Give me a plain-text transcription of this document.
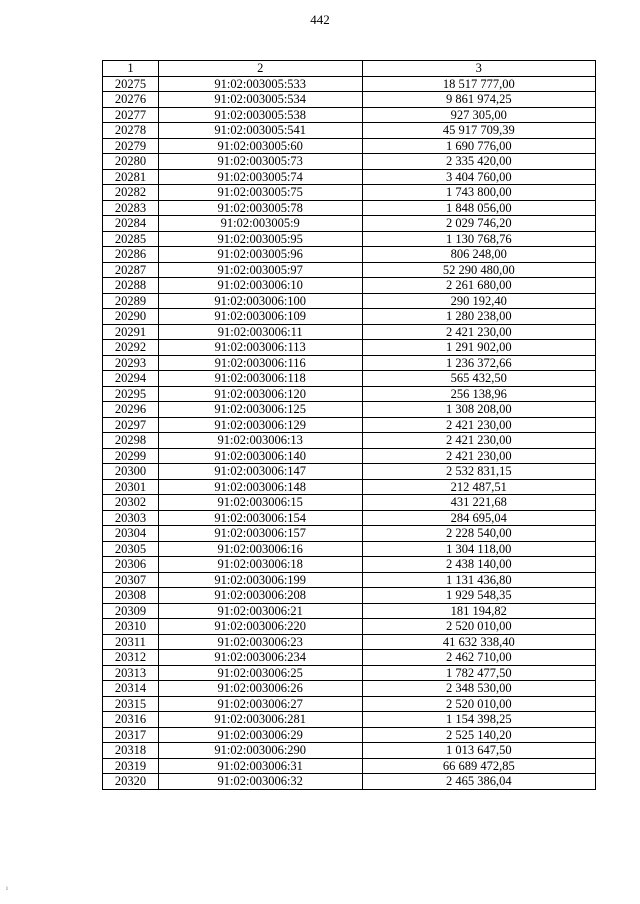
442
1	2	3
20275	91:02:003005:533	18 517 777,00
20276	91:02:003005:534	9 861 974,25
20277	91:02:003005:538	927 305,00
20278	91:02:003005:541	45 917 709,39
20279	91:02:003005:60	1 690 776,00
20280	91:02:003005:73	2 335 420,00
20281	91:02:003005:74	3 404 760,00
20282	91:02:003005:75	1 743 800,00
20283	91:02:003005:78	1 848 056,00
20284	91:02:003005:9	2 029 746,20
20285	91:02:003005:95	1 130 768,76
20286	91:02:003005:96	806 248,00
20287	91:02:003005:97	52 290 480,00
20288	91:02:003006:10	2 261 680,00
20289	91:02:003006:100	290 192,40
20290	91:02:003006:109	1 280 238,00
20291	91:02:003006:11	2 421 230,00
20292	91:02:003006:113	1 291 902,00
20293	91:02:003006:116	1 236 372,66
20294	91:02:003006:118	565 432,50
20295	91:02:003006:120	256 138,96
20296	91:02:003006:125	1 308 208,00
20297	91:02:003006:129	2 421 230,00
20298	91:02:003006:13	2 421 230,00
20299	91:02:003006:140	2 421 230,00
20300	91:02:003006:147	2 532 831,15
20301	91:02:003006:148	212 487,51
20302	91:02:003006:15	431 221,68
20303	91:02:003006:154	284 695,04
20304	91:02:003006:157	2 228 540,00
20305	91:02:003006:16	1 304 118,00
20306	91:02:003006:18	2 438 140,00
20307	91:02:003006:199	1 131 436,80
20308	91:02:003006:208	1 929 548,35
20309	91:02:003006:21	181 194,82
20310	91:02:003006:220	2 520 010,00
20311	91:02:003006:23	41 632 338,40
20312	91:02:003006:234	2 462 710,00
20313	91:02:003006:25	1 782 477,50
20314	91:02:003006:26	2 348 530,00
20315	91:02:003006:27	2 520 010,00
20316	91:02:003006:281	1 154 398,25
20317	91:02:003006:29	2 525 140,20
20318	91:02:003006:290	1 013 647,50
20319	91:02:003006:31	66 689 472,85
20320	91:02:003006:32	2 465 386,04
ı
